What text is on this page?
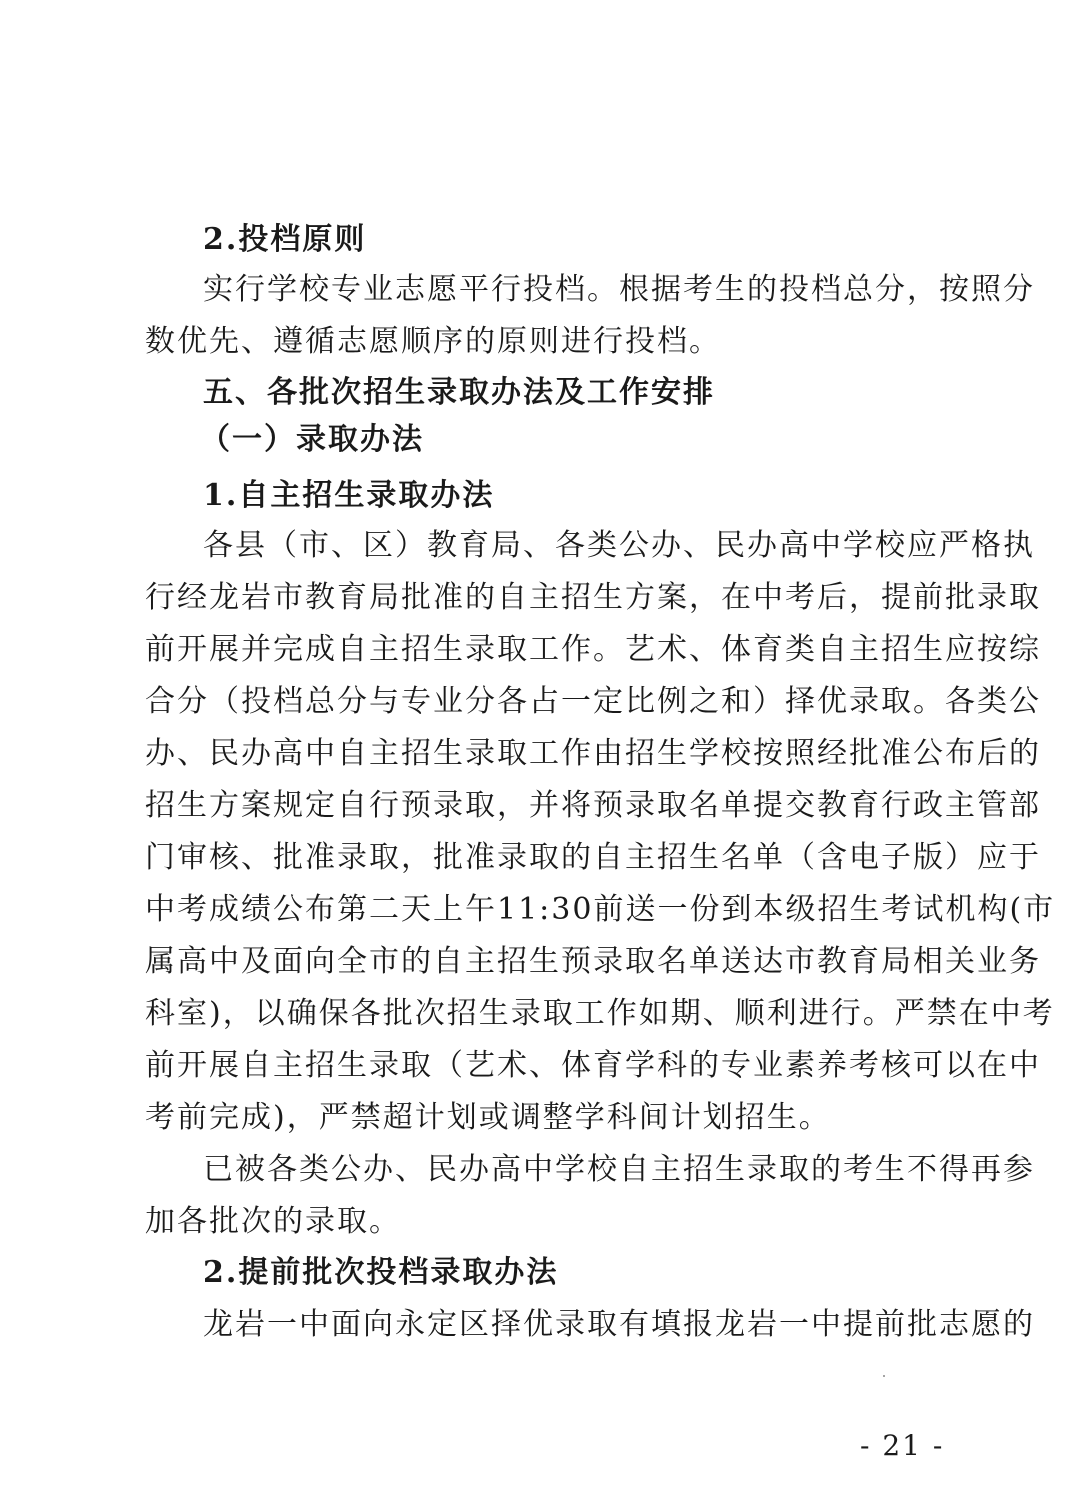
2.投档原则
实行学校专业志愿平行投档。根据考生的投档总分，按照分
数优先、遵循志愿顺序的原则进行投档。
五、各批次招生录取办法及工作安排
（一）录取办法
1.自主招生录取办法
各县（市、区）教育局、各类公办、民办高中学校应严格执
行经龙岩市教育局批准的自主招生方案，在中考后，提前批录取
前开展并完成自主招生录取工作。艺术、体育类自主招生应按综
合分（投档总分与专业分各占一定比例之和）择优录取。各类公
办、民办高中自主招生录取工作由招生学校按照经批准公布后的
招生方案规定自行预录取，并将预录取名单提交教育行政主管部
门审核、批准录取，批准录取的自主招生名单（含电子版）应于
中考成绩公布第二天上午11:30前送一份到本级招生考试机构(市
属高中及面向全市的自主招生预录取名单送达市教育局相关业务
科室)，以确保各批次招生录取工作如期、顺利进行。严禁在中考
前开展自主招生录取（艺术、体育学科的专业素养考核可以在中
考前完成)，严禁超计划或调整学科间计划招生。
已被各类公办、民办高中学校自主招生录取的考生不得再参
加各批次的录取。
2.提前批次投档录取办法
龙岩一中面向永定区择优录取有填报龙岩一中提前批志愿的
- 21 -
